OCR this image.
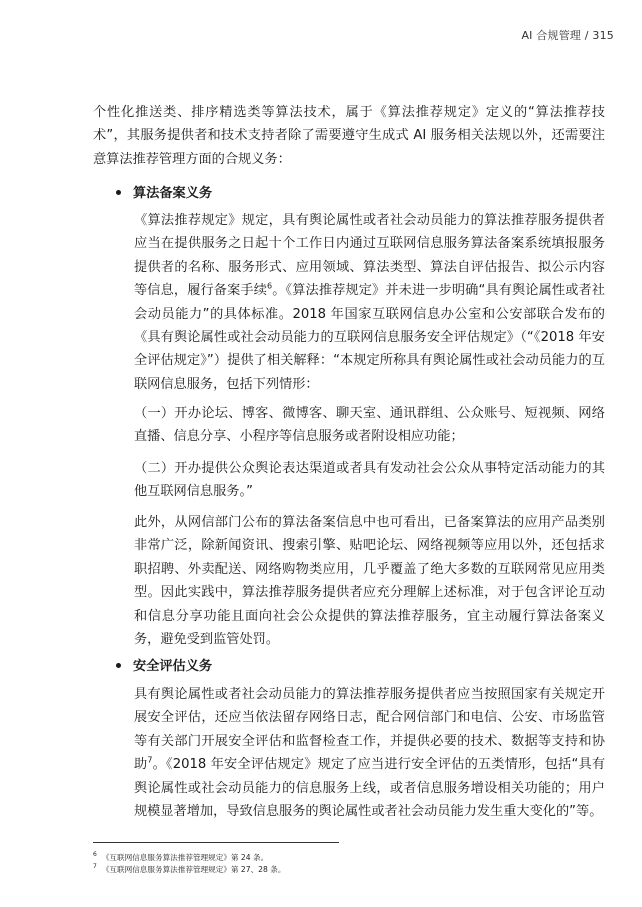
AI 合规管理 / 315

个性化推送类、排序精选类等算法技术，属于《算法推荐规定》定义的“算法推荐技术”，其服务提供者和技术支持者除了需要遵守生成式 AI 服务相关法规以外，还需要注意算法推荐管理方面的合规义务：

算法备案义务

《算法推荐规定》规定，具有舆论属性或者社会动员能力的算法推荐服务提供者应当在提供服务之日起十个工作日内通过互联网信息服务算法备案系统填报服务提供者的名称、服务形式、应用领域、算法类型、算法自评估报告、拟公示内容等信息，履行备案手续$^6$。《算法推荐规定》并未进一步明确“具有舆论属性或者社会动员能力”的具体标准。2018 年国家互联网信息办公室和公安部联合发布的《具有舆论属性或社会动员能力的互联网信息服务安全评估规定》（“《2018 年安全评估规定》”）提供了相关解释：“本规定所称具有舆论属性或社会动员能力的互联网信息服务，包括下列情形：

（一）开办论坛、博客、微博客、聊天室、通讯群组、公众账号、短视频、网络直播、信息分享、小程序等信息服务或者附设相应功能；

（二）开办提供公众舆论表达渠道或者具有发动社会公众从事特定活动能力的其他互联网信息服务。”

此外，从网信部门公布的算法备案信息中也可看出，已备案算法的应用产品类别非常广泛，除新闻资讯、搜索引擎、贴吧论坛、网络视频等应用以外，还包括求职招聘、外卖配送、网络购物类应用，几乎覆盖了绝大多数的互联网常见应用类型。因此实践中，算法推荐服务提供者应充分理解上述标准，对于包含评论互动和信息分享功能且面向社会公众提供的算法推荐服务，宜主动履行算法备案义务，避免受到监管处罚。

安全评估义务

具有舆论属性或者社会动员能力的算法推荐服务提供者应当按照国家有关规定开展安全评估，还应当依法留存网络日志，配合网信部门和电信、公安、市场监管等有关部门开展安全评估和监督检查工作，并提供必要的技术、数据等支持和协助$^7$。《2018 年安全评估规定》规定了应当进行安全评估的五类情形，包括“具有舆论属性或社会动员能力的信息服务上线，或者信息服务增设相关功能的；用户规模显著增加，导致信息服务的舆论属性或者社会动员能力发生重大变化的”等。

$^6$ 《互联网信息服务算法推荐管理规定》第 24 条。
$^7$ 《互联网信息服务算法推荐管理规定》第 27、28 条。
